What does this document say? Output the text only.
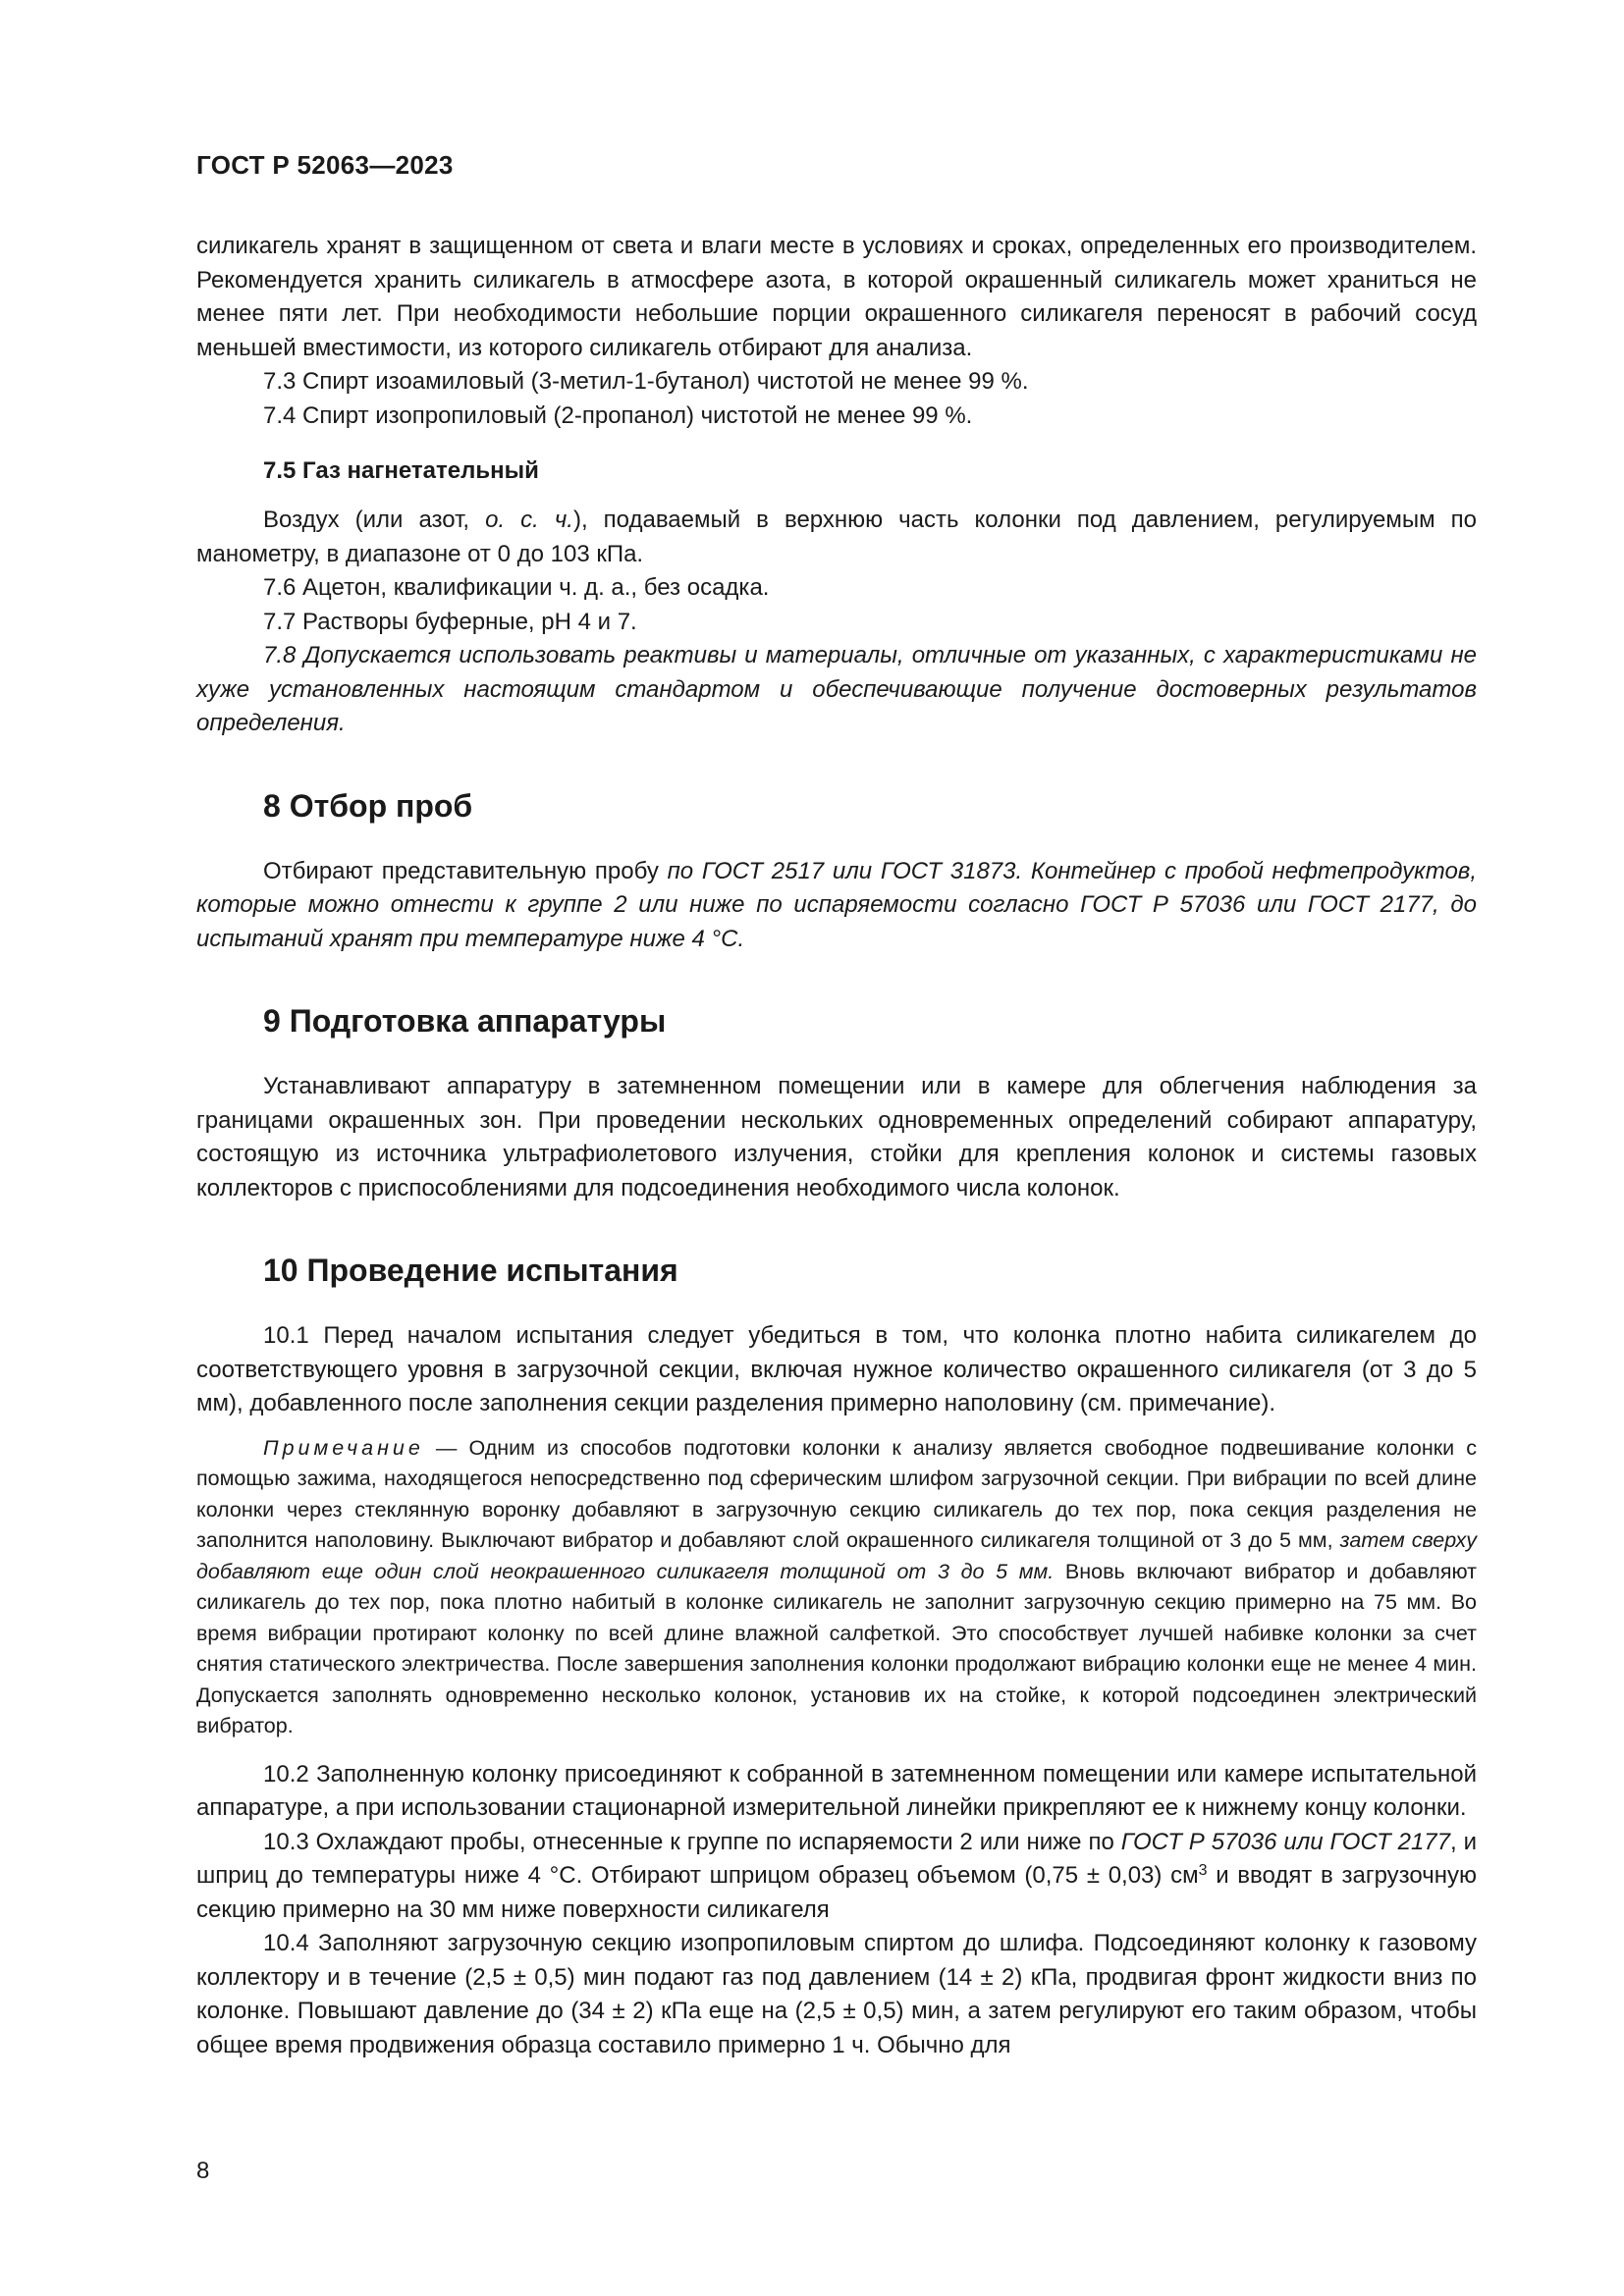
ГОСТ Р 52063—2023

силикагель хранят в защищенном от света и влаги месте в условиях и сроках, определенных его производителем. Рекомендуется хранить силикагель в атмосфере азота, в которой окрашенный силикагель может храниться не менее пяти лет. При необходимости небольшие порции окрашенного силикагеля переносят в рабочий сосуд меньшей вместимости, из которого силикагель отбирают для анализа.

7.3 Спирт изоамиловый (3-метил-1-бутанол) чистотой не менее 99 %.

7.4 Спирт изопропиловый (2-пропанол) чистотой не менее 99 %.

7.5 Газ нагнетательный

Воздух (или азот, о. с. ч.), подаваемый в верхнюю часть колонки под давлением, регулируемым по манометру, в диапазоне от 0 до 103 кПа.

7.6 Ацетон, квалификации ч. д. а., без осадка.

7.7 Растворы буферные, pH 4 и 7.

7.8 Допускается использовать реактивы и материалы, отличные от указанных, с характеристиками не хуже установленных настоящим стандартом и обеспечивающие получение достоверных результатов определения.

8 Отбор проб

Отбирают представительную пробу по ГОСТ 2517 или ГОСТ 31873. Контейнер с пробой нефтепродуктов, которые можно отнести к группе 2 или ниже по испаряемости согласно ГОСТ Р 57036 или ГОСТ 2177, до испытаний хранят при температуре ниже 4 °С.

9 Подготовка аппаратуры

Устанавливают аппаратуру в затемненном помещении или в камере для облегчения наблюдения за границами окрашенных зон. При проведении нескольких одновременных определений собирают аппаратуру, состоящую из источника ультрафиолетового излучения, стойки для крепления колонок и системы газовых коллекторов с приспособлениями для подсоединения необходимого числа колонок.

10 Проведение испытания

10.1 Перед началом испытания следует убедиться в том, что колонка плотно набита силикагелем до соответствующего уровня в загрузочной секции, включая нужное количество окрашенного силикагеля (от 3 до 5 мм), добавленного после заполнения секции разделения примерно наполовину (см. примечание).

Примечание — Одним из способов подготовки колонки к анализу является свободное подвешивание колонки с помощью зажима, находящегося непосредственно под сферическим шлифом загрузочной секции. При вибрации по всей длине колонки через стеклянную воронку добавляют в загрузочную секцию силикагель до тех пор, пока секция разделения не заполнится наполовину. Выключают вибратор и добавляют слой окрашенного силикагеля толщиной от 3 до 5 мм, затем сверху добавляют еще один слой неокрашенного силикагеля толщиной от 3 до 5 мм. Вновь включают вибратор и добавляют силикагель до тех пор, пока плотно набитый в колонке силикагель не заполнит загрузочную секцию примерно на 75 мм. Во время вибрации протирают колонку по всей длине влажной салфеткой. Это способствует лучшей набивке колонки за счет снятия статического электричества. После завершения заполнения колонки продолжают вибрацию колонки еще не менее 4 мин. Допускается заполнять одновременно несколько колонок, установив их на стойке, к которой подсоединен электрический вибратор.

10.2 Заполненную колонку присоединяют к собранной в затемненном помещении или камере испытательной аппаратуре, а при использовании стационарной измерительной линейки прикрепляют ее к нижнему концу колонки.

10.3 Охлаждают пробы, отнесенные к группе по испаряемости 2 или ниже по ГОСТ Р 57036 или ГОСТ 2177, и шприц до температуры ниже 4 °С. Отбирают шприцом образец объемом (0,75 ± 0,03) $см^3$ и вводят в загрузочную секцию примерно на 30 мм ниже поверхности силикагеля

10.4 Заполняют загрузочную секцию изопропиловым спиртом до шлифа. Подсоединяют колонку к газовому коллектору и в течение (2,5 ± 0,5) мин подают газ под давлением (14 ± 2) кПа, продвигая фронт жидкости вниз по колонке. Повышают давление до (34 ± 2) кПа еще на (2,5 ± 0,5) мин, а затем регулируют его таким образом, чтобы общее время продвижения образца составило примерно 1 ч. Обычно для

8
